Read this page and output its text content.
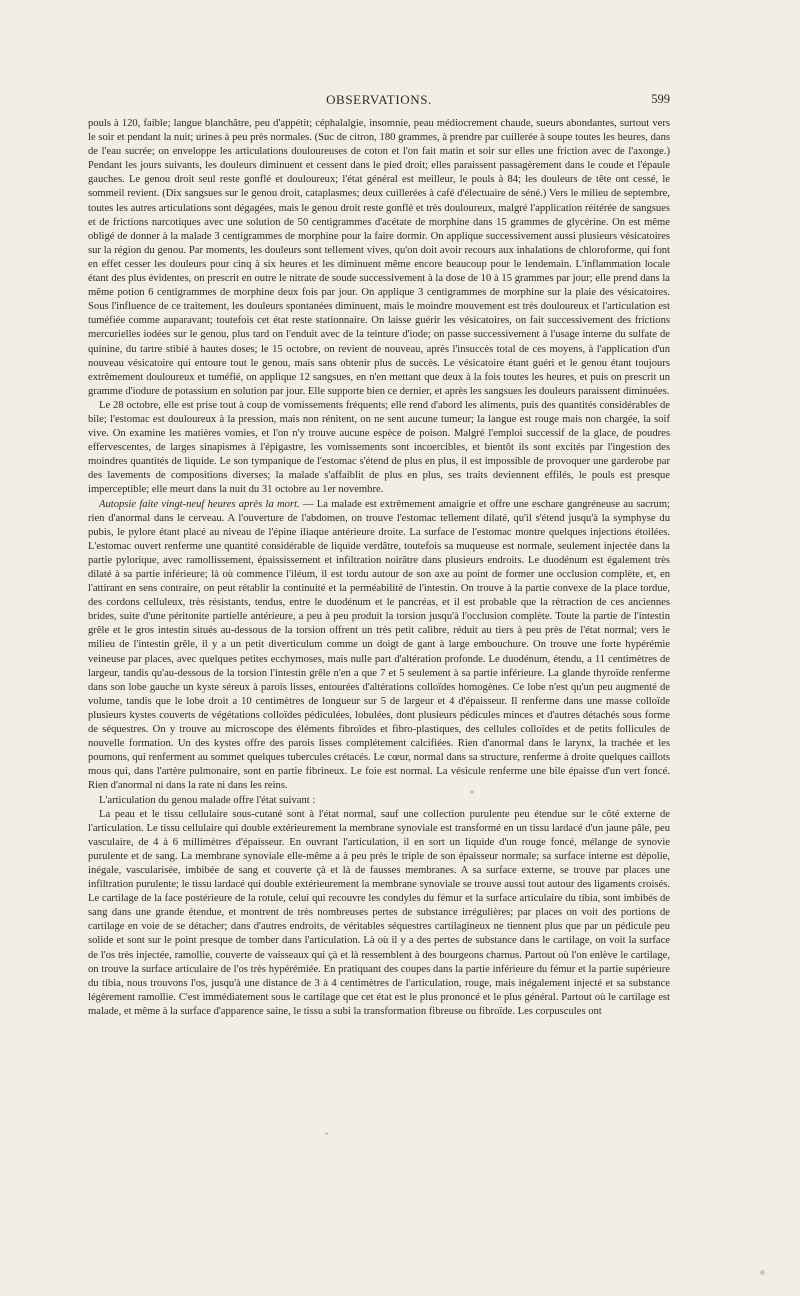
OBSERVATIONS.	599

pouls à 120, faible; langue blanchâtre, peu d'appétit; céphalalgie, insomnie, peau médiocrement chaude, sueurs abondantes, surtout vers le soir et pendant la nuit; urines à peu près normales. (Suc de citron, 180 grammes, à prendre par cuillerée à soupe toutes les heures, dans de l'eau sucrée; on enveloppe les articulations douloureuses de coton et l'on fait matin et soir sur elles une friction avec de l'axonge.) Pendant les jours suivants, les douleurs diminuent et cessent dans le pied droit; elles paraissent passagèrement dans le coude et l'épaule gauches. Le genou droit seul reste gonflé et douloureux; l'état général est meilleur, le pouls à 84; les douleurs de tête ont cessé, le sommeil revient. (Dix sangsues sur le genou droit, cataplasmes; deux cuillerées à café d'électuaire de séné.) Vers le milieu de septembre, toutes les autres articulations sont dégagées, mais le genou droit reste gonflé et très douloureux, malgré l'application réitérée de sangsues et de frictions narcotiques avec une solution de 50 centigrammes d'acétate de morphine dans 15 grammes de glycérine. On est même obligé de donner à la malade 3 centigrammes de morphine pour la faire dormir. On applique successivement aussi plusieurs vésicatoires sur la région du genou. Par moments, les douleurs sont tellement vives, qu'on doit avoir recours aux inhalations de chloroforme, qui font en effet cesser les douleurs pour cinq à six heures et les diminuent même encore beaucoup pour le lendemain. L'inflammation locale étant des plus évidentes, on prescrit en outre le nitrate de soude successivement à la dose de 10 à 15 grammes par jour; elle prend dans la même potion 6 centigrammes de morphine deux fois par jour. On applique 3 centigrammes de morphine sur la plaie des vésicatoires. Sous l'influence de ce traitement, les douleurs spontanées diminuent, mais le moindre mouvement est très douloureux et l'articulation est tuméfiée comme auparavant; toutefois cet état reste stationnaire. On laisse guérir les vésicatoires, on fait successivement des frictions mercurielles iodées sur le genou, plus tard on l'enduit avec de la teinture d'iode; on passe successivement à l'usage interne du sulfate de quinine, du tartre stibié à hautes doses; le 15 octobre, on revient de nouveau, après l'insuccès total de ces moyens, à l'application d'un nouveau vésicatoire qui entoure tout le genou, mais sans obtenir plus de succès. Le vésicatoire étant guéri et le genou étant toujours extrêmement douloureux et tuméfié, on applique 12 sangsues, en n'en mettant que deux à la fois toutes les heures, et puis on prescrit un gramme d'iodure de potassium en solution par jour. Elle supporte bien ce dernier, et après les sangsues les douleurs paraissent diminuées.

Le 28 octobre, elle est prise tout à coup de vomissements fréquents; elle rend d'abord les aliments, puis des quantités considérables de bile; l'estomac est douloureux à la pression, mais non rénitent, on ne sent aucune tumeur; la langue est rouge mais non chargée, la soif vive. On examine les matières vomies, et l'on n'y trouve aucune espèce de poison. Malgré l'emploi successif de la glace, de poudres effervescentes, de larges sinapismes à l'épigastre, les vomissements sont incoercibles, et bientôt ils sont excités par l'ingestion des moindres quantités de liquide. Le son tympanique de l'estomac s'étend de plus en plus, il est impossible de provoquer une garderobe par des lavements de compositions diverses; la malade s'affaiblit de plus en plus, ses traits deviennent effilés, le pouls est presque imperceptible; elle meurt dans la nuit du 31 octobre au 1er novembre.

Autopsie faite vingt-neuf heures après la mort. — La malade est extrêmement amaigrie et offre une eschare gangréneuse au sacrum; rien d'anormal dans le cerveau. A l'ouverture de l'abdomen, on trouve l'estomac tellement dilaté, qu'il s'étend jusqu'à la symphyse du pubis, le pylore étant placé au niveau de l'épine iliaque antérieure droite. La surface de l'estomac montre quelques injections étoilées. L'estomac ouvert renferme une quantité considérable de liquide verdâtre, toutefois sa muqueuse est normale, seulement injectée dans la partie pylorique, avec ramollissement, épaississement et infiltration noirâtre dans plusieurs endroits. Le duodénum est également très dilaté à sa partie inférieure; là où commence l'iléum, il est tordu autour de son axe au point de former une occlusion complète, et, en l'attirant en sens contraire, on peut rétablir la continuité et la perméabilité de l'intestin. On trouve à la partie convexe de la place tordue, des cordons celluleux, très résistants, tendus, entre le duodénum et le pancréas, et il est probable que la rétraction de ces anciennes brides, suite d'une péritonite partielle antérieure, a peu à peu produit la torsion jusqu'à l'occlusion complète. Toute la partie de l'intestin grêle et le gros intestin situés au-dessous de la torsion offrent un très petit calibre, réduit au tiers à peu près de l'état normal; vers le milieu de l'intestin grêle, il y a un petit diverticulum comme un doigt de gant à large embouchure. On trouve une forte hypérémie veineuse par places, avec quelques petites ecchymoses, mais nulle part d'altération profonde. Le duodénum, étendu, a 11 centimètres de largeur, tandis qu'au-dessous de la torsion l'intestin grêle n'en a que 7 et 5 seulement à sa partie inférieure. La glande thyroïde renferme dans son lobe gauche un kyste séreux à parois lisses, entourées d'altérations colloïdes homogènes. Ce lobe n'est qu'un peu augmenté de volume, tandis que le lobe droit a 10 centimètres de longueur sur 5 de largeur et 4 d'épaisseur. Il renferme dans une masse colloïde plusieurs kystes couverts de végétations colloïdes pédiculées, lobulées, dont plusieurs pédicules minces et d'autres détachés sous forme de séquestres. On y trouve au microscope des éléments fibroïdes et fibro-plastiques, des cellules colloïdes et de petits follicules de nouvelle formation. Un des kystes offre des parois lisses complétement calcifiées. Rien d'anormal dans le larynx, la trachée et les poumons, qui renferment au sommet quelques tubercules crétacés. Le cœur, normal dans sa structure, renferme à droite quelques caillots mous qui, dans l'artère pulmonaire, sont en partie fibrineux. Le foie est normal. La vésicule renferme une bile épaisse d'un vert foncé. Rien d'anormal ni dans la rate ni dans les reins.

L'articulation du genou malade offre l'état suivant :

La peau et le tissu cellulaire sous-cutané sont à l'état normal, sauf une collection purulente peu étendue sur le côté externe de l'articulation. Le tissu cellulaire qui double extérieurement la membrane synoviale est transformé en un tissu lardacé d'un jaune pâle, peu vasculaire, de 4 à 6 millimètres d'épaisseur. En ouvrant l'articulation, il en sort un liquide d'un rouge foncé, mélange de synovie purulente et de sang. La membrane synoviale elle-même a à peu près le triple de son épaisseur normale; sa surface interne est dépolie, inégale, vascularisée, imbibée de sang et couverte çà et là de fausses membranes. A sa surface externe, se trouve par places une infiltration purulente; le tissu lardacé qui double extérieurement la membrane synoviale se trouve aussi tout autour des ligaments croisés. Le cartilage de la face postérieure de la rotule, celui qui recouvre les condyles du fémur et la surface articulaire du tibia, sont imbibés de sang dans une grande étendue, et montrent de très nombreuses pertes de substance irrégulières; par places on voit des portions de cartilage en voie de se détacher; dans d'autres endroits, de véritables séquestres cartilagineux ne tiennent plus que par un pédicule peu solide et sont sur le point presque de tomber dans l'articulation. Là où il y a des pertes de substance dans le cartilage, on voit la surface de l'os très injectée, ramollie, couverte de vaisseaux qui çà et là ressemblent à des bourgeons charnus. Partout où l'on enlève le cartilage, on trouve la surface articulaire de l'os très hypérémiée. En pratiquant des coupes dans la partie inférieure du fémur et la partie supérieure du tibia, nous trouvons l'os, jusqu'à une distance de 3 à 4 centimètres de l'articulation, rouge, mais inégalement injecté et sa substance légèrement ramollie. C'est immédiatement sous le cartilage que cet état est le plus prononcé et le plus général. Partout où le cartilage est malade, et même à la surface d'apparence saine, le tissu a subi la transformation fibreuse ou fibroïde. Les corpuscules ont
